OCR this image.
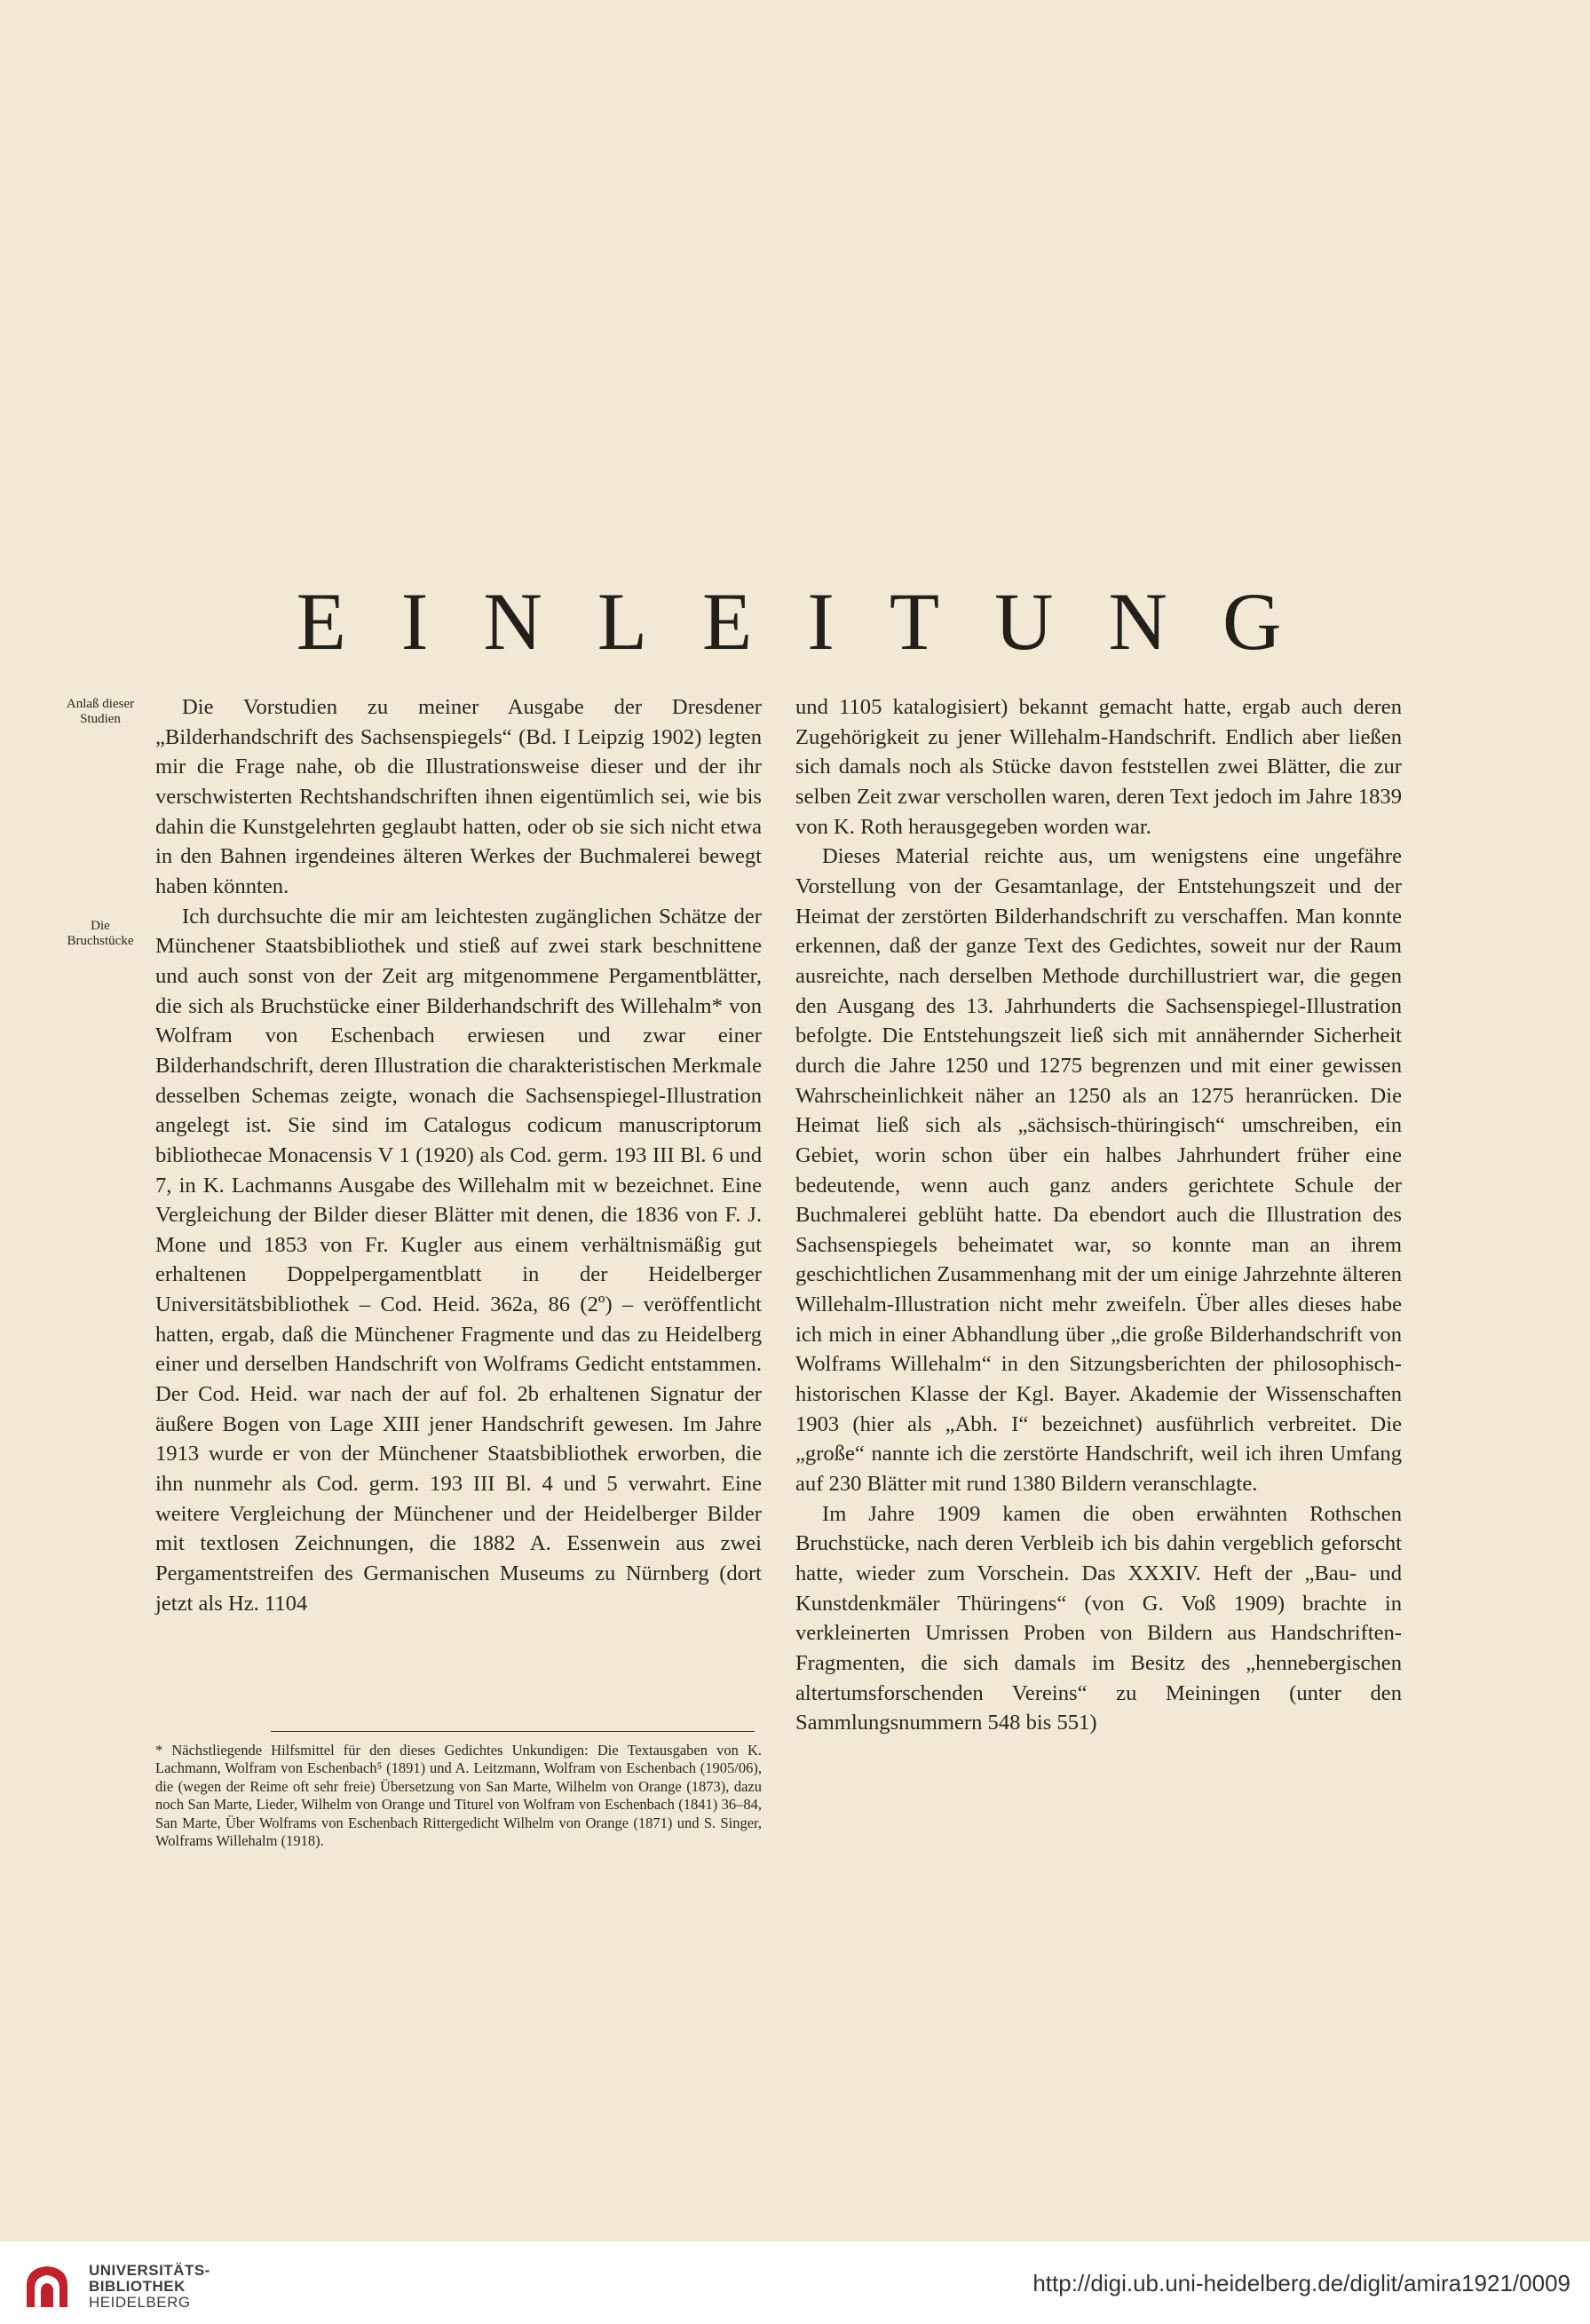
EINLEITUNG
Anlaß dieser Studien
Die Bruchstücke

Die Vorstudien zu meiner Ausgabe der Dresdener „Bilderhandschrift des Sachsenspiegels“ (Bd. I Leipzig 1902) legten mir die Frage nahe, ob die Illustrationsweise dieser und der ihr verschwisterten Rechtshandschriften ihnen eigentümlich sei, wie bis dahin die Kunstgelehrten geglaubt hatten, oder ob sie sich nicht etwa in den Bahnen irgendeines älteren Werkes der Buchmalerei bewegt haben könnten.

Ich durchsuchte die mir am leichtesten zugänglichen Schätze der Münchener Staatsbibliothek und stieß auf zwei stark beschnittene und auch sonst von der Zeit arg mitgenommene Pergamentblätter, die sich als Bruchstücke einer Bilderhandschrift des Willehalm* von Wolfram von Eschenbach erwiesen und zwar einer Bilderhandschrift, deren Illustration die charakteristischen Merkmale desselben Schemas zeigte, wonach die Sachsenspiegel-Illustration angelegt ist. Sie sind im Catalogus codicum manuscriptorum bibliothecae Monacensis V 1 (1920) als Cod. germ. 193 III Bl. 6 und 7, in K. Lachmanns Ausgabe des Willehalm mit w bezeichnet. Eine Vergleichung der Bilder dieser Blätter mit denen, die 1836 von F. J. Mone und 1853 von Fr. Kugler aus einem verhältnismäßig gut erhaltenen Doppelpergamentblatt in der Heidelberger Universitätsbibliothek – Cod. Heid. 362a, 86 (2º) – veröffentlicht hatten, ergab, daß die Münchener Fragmente und das zu Heidelberg einer und derselben Handschrift von Wolframs Gedicht entstammen. Der Cod. Heid. war nach der auf fol. 2b erhaltenen Signatur der äußere Bogen von Lage XIII jener Handschrift gewesen. Im Jahre 1913 wurde er von der Münchener Staatsbibliothek erworben, die ihn nunmehr als Cod. germ. 193 III Bl. 4 und 5 verwahrt. Eine weitere Vergleichung der Münchener und der Heidelberger Bilder mit textlosen Zeichnungen, die 1882 A. Essenwein aus zwei Pergamentstreifen des Germanischen Museums zu Nürnberg (dort jetzt als Hz. 1104

* Nächstliegende Hilfsmittel für den dieses Gedichtes Unkundigen: Die Textausgaben von K. Lachmann, Wolfram von Eschenbach⁵ (1891) und A. Leitzmann, Wolfram von Eschenbach (1905/06), die (wegen der Reime oft sehr freie) Übersetzung von San Marte, Wilhelm von Orange (1873), dazu noch San Marte, Lieder, Wilhelm von Orange und Titurel von Wolfram von Eschenbach (1841) 36–84, San Marte, Über Wolframs von Eschenbach Rittergedicht Wilhelm von Orange (1871) und S. Singer, Wolframs Willehalm (1918).

und 1105 katalogisiert) bekannt gemacht hatte, ergab auch deren Zugehörigkeit zu jener Willehalm-Handschrift. Endlich aber ließen sich damals noch als Stücke davon feststellen zwei Blätter, die zur selben Zeit zwar verschollen waren, deren Text jedoch im Jahre 1839 von K. Roth herausgegeben worden war.

Dieses Material reichte aus, um wenigstens eine ungefähre Vorstellung von der Gesamtanlage, der Entstehungszeit und der Heimat der zerstörten Bilderhandschrift zu verschaffen. Man konnte erkennen, daß der ganze Text des Gedichtes, soweit nur der Raum ausreichte, nach derselben Methode durchillustriert war, die gegen den Ausgang des 13. Jahrhunderts die Sachsenspiegel-Illustration befolgte. Die Entstehungszeit ließ sich mit annähernder Sicherheit durch die Jahre 1250 und 1275 begrenzen und mit einer gewissen Wahrscheinlichkeit näher an 1250 als an 1275 heranrücken. Die Heimat ließ sich als „sächsisch-thüringisch“ umschreiben, ein Gebiet, worin schon über ein halbes Jahrhundert früher eine bedeutende, wenn auch ganz anders gerichtete Schule der Buchmalerei geblüht hatte. Da ebendort auch die Illustration des Sachsenspiegels beheimatet war, so konnte man an ihrem geschichtlichen Zusammenhang mit der um einige Jahrzehnte älteren Willehalm-Illustration nicht mehr zweifeln. Über alles dieses habe ich mich in einer Abhandlung über „die große Bilderhandschrift von Wolframs Willehalm“ in den Sitzungsberichten der philosophisch-historischen Klasse der Kgl. Bayer. Akademie der Wissenschaften 1903 (hier als „Abh. I“ bezeichnet) ausführlich verbreitet. Die „große“ nannte ich die zerstörte Handschrift, weil ich ihren Umfang auf 230 Blätter mit rund 1380 Bildern veranschlagte.

Im Jahre 1909 kamen die oben erwähnten Rothschen Bruchstücke, nach deren Verbleib ich bis dahin vergeblich geforscht hatte, wieder zum Vorschein. Das XXXIV. Heft der „Bau- und Kunstdenkmäler Thüringens“ (von G. Voß 1909) brachte in verkleinerten Umrissen Proben von Bildern aus Handschriften-Fragmenten, die sich damals im Besitz des „hennebergischen altertumsforschenden Vereins“ zu Meiningen (unter den Sammlungsnummern 548 bis 551)

UNIVERSITÄTS-
BIBLIOTHEK
HEIDELBERG
http://digi.ub.uni-heidelberg.de/diglit/amira1921/0009
